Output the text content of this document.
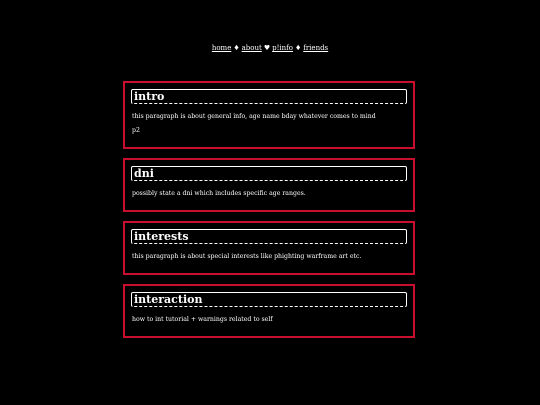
home ♦ about ♥ p!info ♦ friends
intro
this paragraph is about general info, age name bday whatever comes to mind
p2
dni
possibly state a dni which includes specific age ranges.
interests
this paragraph is about special interests like phighting warframe art etc.
interaction
how to int tutorial + warnings related to self
